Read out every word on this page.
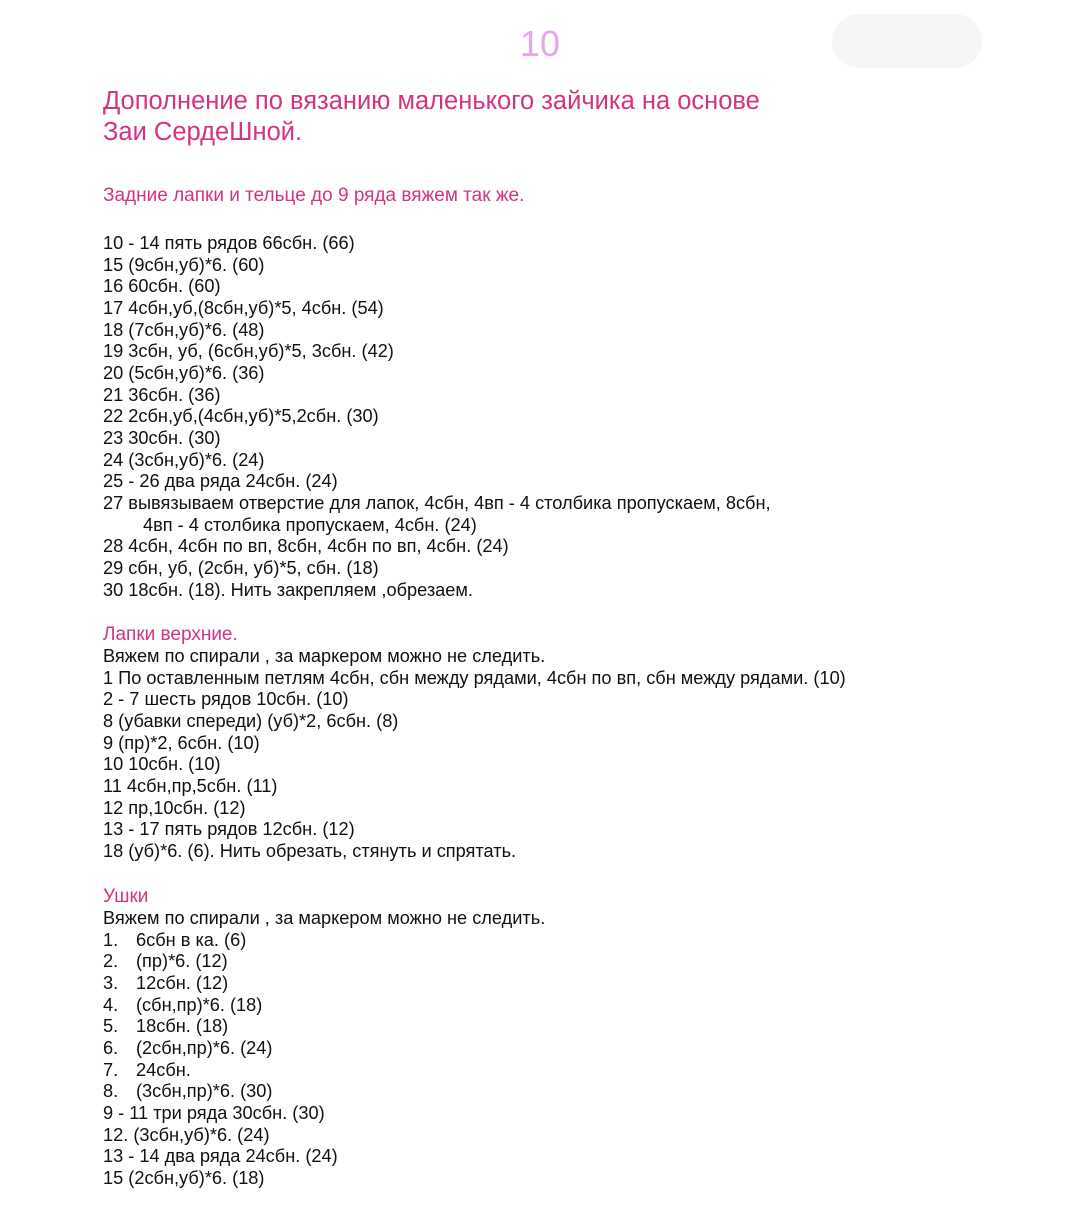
10
Дополнение по вязанию маленького зайчика на основе
Заи СердеШной.
Задние лапки и тельце до 9 ряда вяжем так же.
10 - 14 пять рядов 66сбн. (66)
15 (9сбн,уб)*6. (60)
16 60сбн. (60)
17 4сбн,уб,(8сбн,уб)*5, 4сбн. (54)
18 (7сбн,уб)*6. (48)
19 3сбн, уб, (6сбн,уб)*5, 3сбн. (42)
20 (5сбн,уб)*6. (36)
21 36сбн. (36)
22 2сбн,уб,(4сбн,уб)*5,2сбн. (30)
23 30сбн. (30)
24 (3сбн,уб)*6. (24)
25 - 26 два ряда 24сбн. (24)
27 вывязываем отверстие для лапок, 4сбн, 4вп - 4 столбика пропускаем, 8сбн,
4вп - 4 столбика пропускаем, 4сбн. (24)
28 4сбн, 4сбн по вп, 8сбн, 4сбн по вп, 4сбн. (24)
29 сбн, уб, (2сбн, уб)*5, сбн. (18)
30 18сбн. (18). Нить закрепляем ,обрезаем.
Лапки верхние.
Вяжем по спирали , за маркером можно не следить.
1 По оставленным петлям 4сбн, сбн между рядами, 4сбн по вп, сбн между рядами. (10)
2 - 7 шесть рядов 10сбн. (10)
8 (убавки спереди) (уб)*2, 6сбн. (8)
9 (пр)*2, 6сбн. (10)
10 10сбн. (10)
11 4сбн,пр,5сбн. (11)
12 пр,10сбн. (12)
13 - 17 пять рядов 12сбн. (12)
18 (уб)*6. (6). Нить обрезать, стянуть и спрятать.
Ушки
Вяжем по спирали , за маркером можно не следить.
1. 6сбн в ка. (6)
2. (пр)*6. (12)
3. 12сбн. (12)
4. (сбн,пр)*6. (18)
5. 18сбн. (18)
6. (2сбн,пр)*6. (24)
7. 24сбн.
8. (3сбн,пр)*6. (30)
9 - 11 три ряда 30сбн. (30)
12. (3сбн,уб)*6. (24)
13 - 14 два ряда 24сбн. (24)
15 (2сбн,уб)*6. (18)
